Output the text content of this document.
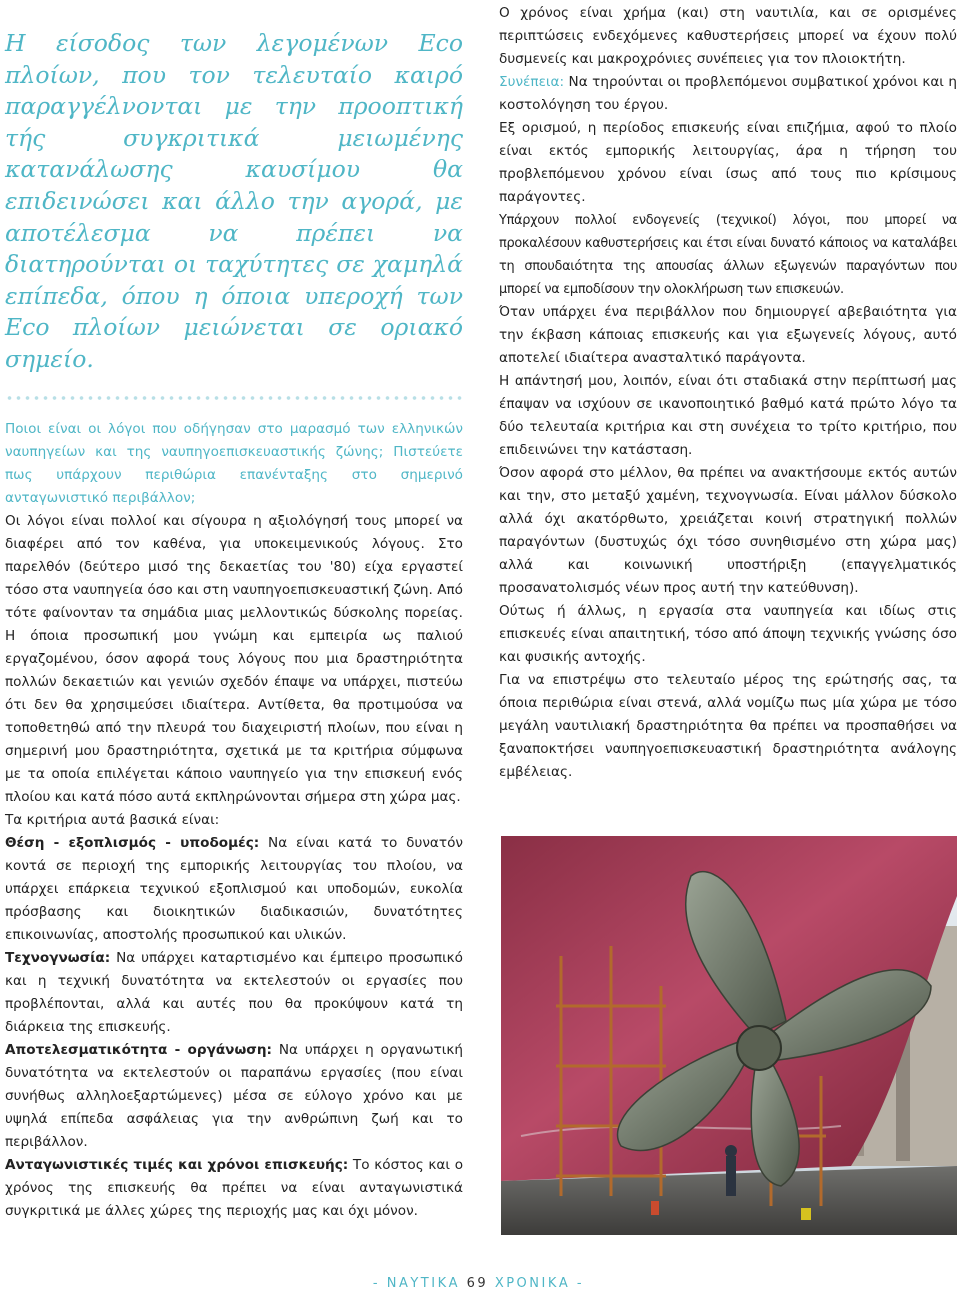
Η είσοδος των λεγομένων Eco πλοίων, που τον τελευταίο καιρό παραγγέλνονται με την προοπτική τής συγκριτικά μειωμένης κατανάλωσης καυσίμου θα επιδεινώσει και άλλο την αγορά, με αποτέλεσμα να πρέπει να διατηρούνται οι ταχύτητες σε χαμηλά επίπεδα, όπου η όποια υπεροχή των Eco πλοίων μειώνεται σε οριακό σημείο.

Ποιοι είναι οι λόγοι που οδήγησαν στο μαρασμό των ελληνικών ναυπηγείων και της ναυπηγοεπισκευαστικής ζώνης; Πιστεύετε πως υπάρχουν περιθώρια επανένταξης στο σημερινό ανταγωνιστικό περιβάλλον;

Οι λόγοι είναι πολλοί και σίγουρα η αξιολόγησή τους μπορεί να διαφέρει από τον καθένα, για υποκειμενικούς λόγους. Στο παρελθόν (δεύτερο μισό της δεκαετίας του '80) είχα εργαστεί τόσο στα ναυπηγεία όσο και στη ναυπηγοεπισκευαστική ζώνη. Από τότε φαίνονταν τα σημάδια μιας μελλοντικώς δύσκολης πορείας. Η όποια προσωπική μου γνώμη και εμπειρία ως παλιού εργαζομένου, όσον αφορά τους λόγους που μια δραστηριότητα πολλών δεκαετιών και γενιών σχεδόν έπαψε να υπάρχει, πιστεύω ότι δεν θα χρησιμεύσει ιδιαίτερα. Αντίθετα, θα προτιμούσα να τοποθετηθώ από την πλευρά του διαχειριστή πλοίων, που είναι η σημερινή μου δραστηριότητα, σχετικά με τα κριτήρια σύμφωνα με τα οποία επιλέγεται κάποιο ναυπηγείο για την επισκευή ενός πλοίου και κατά πόσο αυτά εκπληρώνονται σήμερα στη χώρα μας.

Τα κριτήρια αυτά βασικά είναι:

Θέση - εξοπλισμός - υποδομές: Να είναι κατά το δυνατόν κοντά σε περιοχή της εμπορικής λειτουργίας του πλοίου, να υπάρχει επάρκεια τεχνικού εξοπλισμού και υποδομών, ευκολία πρόσβασης και διοικητικών διαδικασιών, δυνατότητες επικοινωνίας, αποστολής προσωπικού και υλικών.

Τεχνογνωσία: Να υπάρχει καταρτισμένο και έμπειρο προσωπικό και η τεχνική δυνατότητα να εκτελεστούν οι εργασίες που προβλέπονται, αλλά και αυτές που θα προκύψουν κατά τη διάρκεια της επισκευής.

Αποτελεσματικότητα - οργάνωση: Να υπάρχει η οργανωτική δυνατότητα να εκτελεστούν οι παραπάνω εργασίες (που είναι συνήθως αλληλοεξαρτώμενες) μέσα σε εύλογο χρόνο και με υψηλά επίπεδα ασφάλειας για την ανθρώπινη ζωή και το περιβάλλον.

Ανταγωνιστικές τιμές και χρόνοι επισκευής: Το κόστος και ο χρόνος της επισκευής θα πρέπει να είναι ανταγωνιστικά συγκριτικά με άλλες χώρες της περιοχής μας και όχι μόνον.

Ο χρόνος είναι χρήμα (και) στη ναυτιλία, και σε ορισμένες περιπτώσεις ενδεχόμενες καθυστερήσεις μπορεί να έχουν πολύ δυσμενείς και μακροχρόνιες συνέπειες για τον πλοιοκτήτη.

Συνέπεια: Να τηρούνται οι προβλεπόμενοι συμβατικοί χρόνοι και η κοστολόγηση του έργου.

Εξ ορισμού, η περίοδος επισκευής είναι επιζήμια, αφού το πλοίο είναι εκτός εμπορικής λειτουργίας, άρα η τήρηση του προβλεπόμενου χρόνου είναι ίσως από τους πιο κρίσιμους παράγοντες.

Υπάρχουν πολλοί ενδογενείς (τεχνικοί) λόγοι, που μπορεί να προκαλέσουν καθυστερήσεις και έτσι είναι δυνατό κάποιος να καταλάβει τη σπουδαιότητα της απουσίας άλλων εξωγενών παραγόντων που μπορεί να εμποδίσουν την ολοκλήρωση των επισκευών.

Όταν υπάρχει ένα περιβάλλον που δημιουργεί αβεβαιότητα για την έκβαση κάποιας επισκευής και για εξωγενείς λόγους, αυτό αποτελεί ιδιαίτερα ανασταλτικό παράγοντα.

Η απάντησή μου, λοιπόν, είναι ότι σταδιακά στην περίπτωσή μας έπαψαν να ισχύουν σε ικανοποιητικό βαθμό κατά πρώτο λόγο τα δύο τελευταία κριτήρια και στη συνέχεια το τρίτο κριτήριο, που επιδεινώνει την κατάσταση.

Όσον αφορά στο μέλλον, θα πρέπει να ανακτήσουμε εκτός αυτών και την, στο μεταξύ χαμένη, τεχνογνωσία. Είναι μάλλον δύσκολο αλλά όχι ακατόρθωτο, χρειάζεται κοινή στρατηγική πολλών παραγόντων (δυστυχώς όχι τόσο συνηθισμένο στη χώρα μας) αλλά και κοινωνική υποστήριξη (επαγγελματικός προσανατολισμός νέων προς αυτή την κατεύθυνση).

Ούτως ή άλλως, η εργασία στα ναυπηγεία και ιδίως στις επισκευές είναι απαιτητική, τόσο από άποψη τεχνικής γνώσης όσο και φυσικής αντοχής.

Για να επιστρέψω στο τελευταίο μέρος της ερώτησής σας, τα όποια περιθώρια είναι στενά, αλλά νομίζω πως μία χώρα με τόσο μεγάλη ναυτιλιακή δραστηριότητα θα πρέπει να προσπαθήσει να ξαναποκτήσει ναυπηγοεπισκευαστική δραστηριότητα ανάλογης εμβέλειας.

- ΝΑΥΤΙΚΑ 69 ΧΡΟΝΙΚΑ -
